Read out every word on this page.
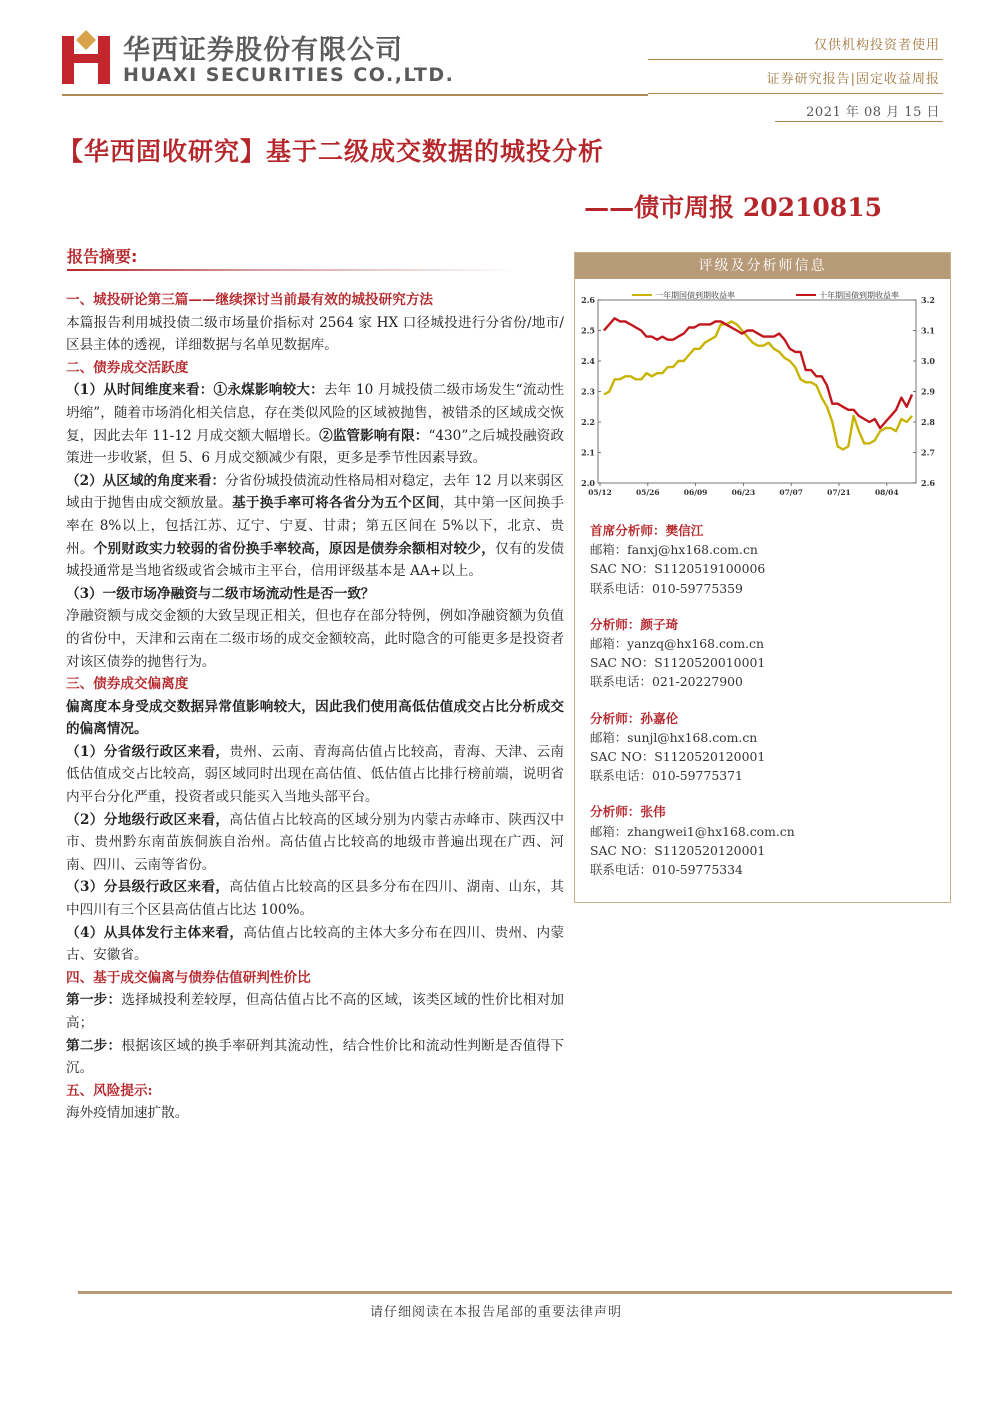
华西证券股份有限公司
HUAXI SECURITIES CO.,LTD.
仅供机构投资者使用
证券研究报告|固定收益周报
2021 年 08 月 15 日
【华西固收研究】基于二级成交数据的城投分析
——债市周报 20210815
报告摘要:

一、城投研论第三篇——继续探讨当前最有效的城投研究方法

本篇报告利用城投债二级市场量价指标对 2564 家 HX 口径城投进行分省份/地市/区县主体的透视，详细数据与名单见数据库。

二、债券成交活跃度

（1）从时间维度来看：①永煤影响较大：去年 10 月城投债二级市场发生“流动性坍缩”，随着市场消化相关信息，存在类似风险的区域被抛售，被错杀的区域成交恢复，因此去年 11-12 月成交额大幅增长。②监管影响有限：“430”之后城投融资政策进一步收紧，但 5、6 月成交额减少有限，更多是季节性因素导致。

（2）从区域的角度来看：分省份城投债流动性格局相对稳定，去年 12 月以来弱区域由于抛售由成交额放量。基于换手率可将各省分为五个区间，其中第一区间换手率在 8%以上，包括江苏、辽宁、宁夏、甘肃；第五区间在 5%以下，北京、贵州。个别财政实力较弱的省份换手率较高，原因是债券余额相对较少，仅有的发债城投通常是当地省级或省会城市主平台，信用评级基本是 AA+以上。

（3）一级市场净融资与二级市场流动性是否一致？

净融资额与成交金额的大致呈现正相关，但也存在部分特例，例如净融资额为负值的省份中，天津和云南在二级市场的成交金额较高，此时隐含的可能更多是投资者对该区债券的抛售行为。

三、债券成交偏离度

偏离度本身受成交数据异常值影响较大，因此我们使用高低估值成交占比分析成交的偏离情况。

（1）分省级行政区来看，贵州、云南、青海高估值占比较高，青海、天津、云南低估值成交占比较高，弱区域同时出现在高估值、低估值占比排行榜前端，说明省内平台分化严重，投资者或只能买入当地头部平台。

（2）分地级行政区来看，高估值占比较高的区域分别为内蒙古赤峰市、陕西汉中市、贵州黔东南苗族侗族自治州。高估值占比较高的地级市普遍出现在广西、河南、四川、云南等省份。

（3）分县级行政区来看，高估值占比较高的区县多分布在四川、湖南、山东，其中四川有三个区县高估值占比达 100%。

（4）从具体发行主体来看，高估值占比较高的主体大多分布在四川、贵州、内蒙古、安徽省。

四、基于成交偏离与债券估值研判性价比

第一步：选择城投利差较厚，但高估值占比不高的区域，该类区域的性价比相对加高；

第二步：根据该区域的换手率研判其流动性，结合性价比和流动性判断是否值得下沉。

五、风险提示:

海外疫情加速扩散。

评级及分析师信息
2.6
2.5
2.4
2.3
2.2
2.1
2.0
3.2
3.1
3.0
2.9
2.8
2.7
2.6
05/12	05/26	06/09	06/23	07/07	07/21	08/04
一年期国债到期收益率	十年期国债到期收益率
首席分析师：樊信江
邮箱：fanxj@hx168.com.cn
SAC NO：S1120519100006
联系电话：010-59775359
分析师：颜子琦
邮箱：yanzq@hx168.com.cn
SAC NO：S1120520010001
联系电话：021-20227900
分析师：孙嘉伦
邮箱：sunjl@hx168.com.cn
SAC NO：S1120520120001
联系电话：010-59775371
分析师：张伟
邮箱：zhangwei1@hx168.com.cn
SAC NO：S1120520120001
联系电话：010-59775334
请仔细阅读在本报告尾部的重要法律声明
